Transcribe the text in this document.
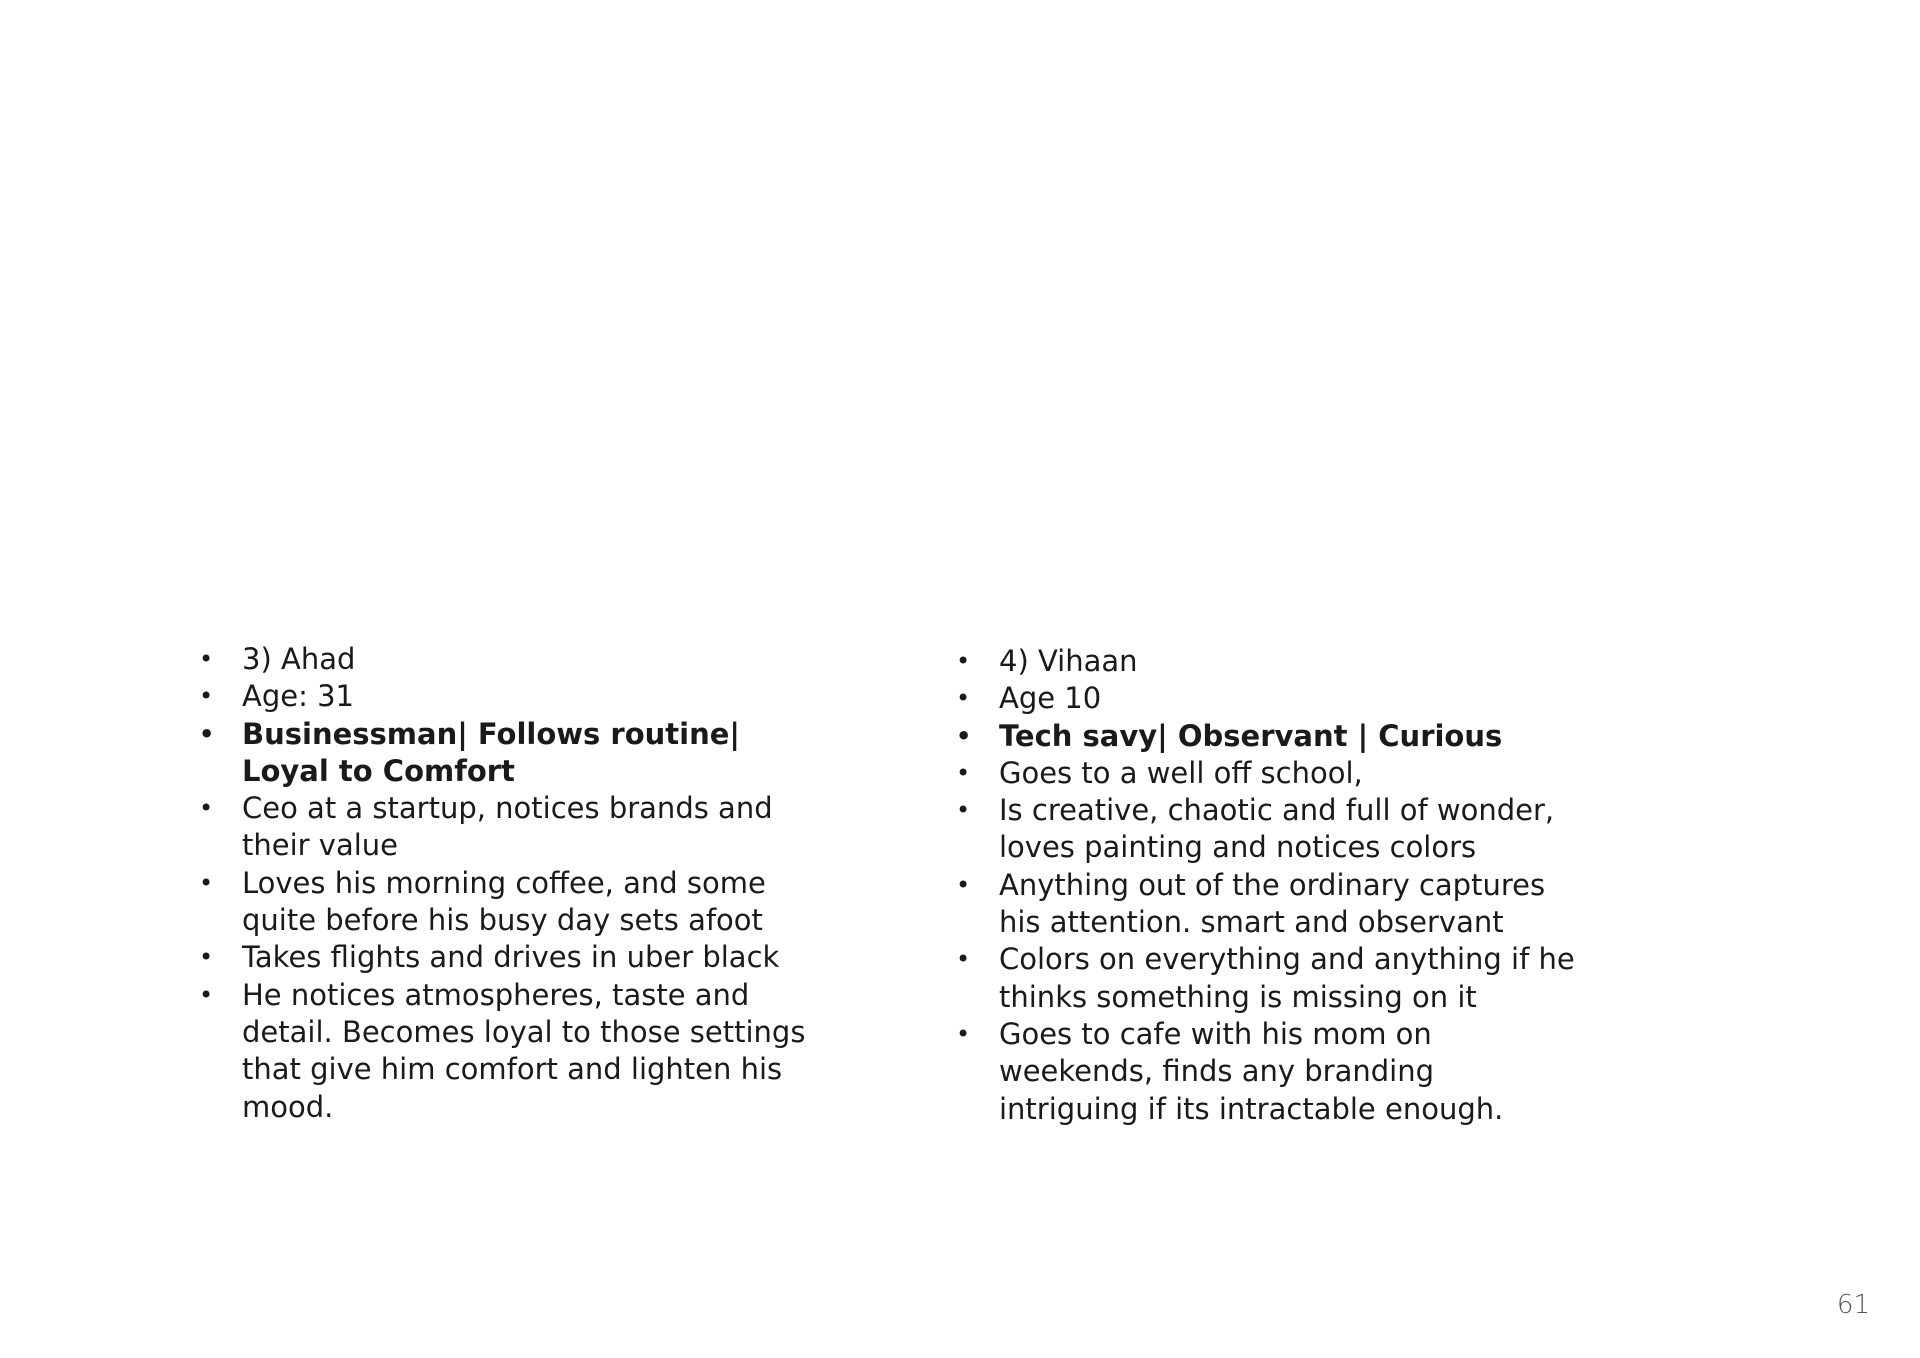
• 3) Ahad
• Age: 31
• Businessman| Follows routine| Loyal to Comfort
• Ceo at a startup, notices brands and their value
• Loves his morning coffee, and some quite before his busy day sets afoot
• Takes flights and drives in uber black
• He notices atmospheres, taste and detail. Becomes loyal to those settings that give him comfort and lighten his mood.
• 4) Vihaan
• Age 10
• Tech savy| Observant | Curious
• Goes to a well off school,
• Is creative, chaotic and full of wonder, loves painting and notices colors
• Anything out of the ordinary captures his attention. smart and observant
• Colors on everything and anything if he thinks something is missing on it
• Goes to cafe with his mom on weekends, finds any branding intriguing if its intractable enough.
61
